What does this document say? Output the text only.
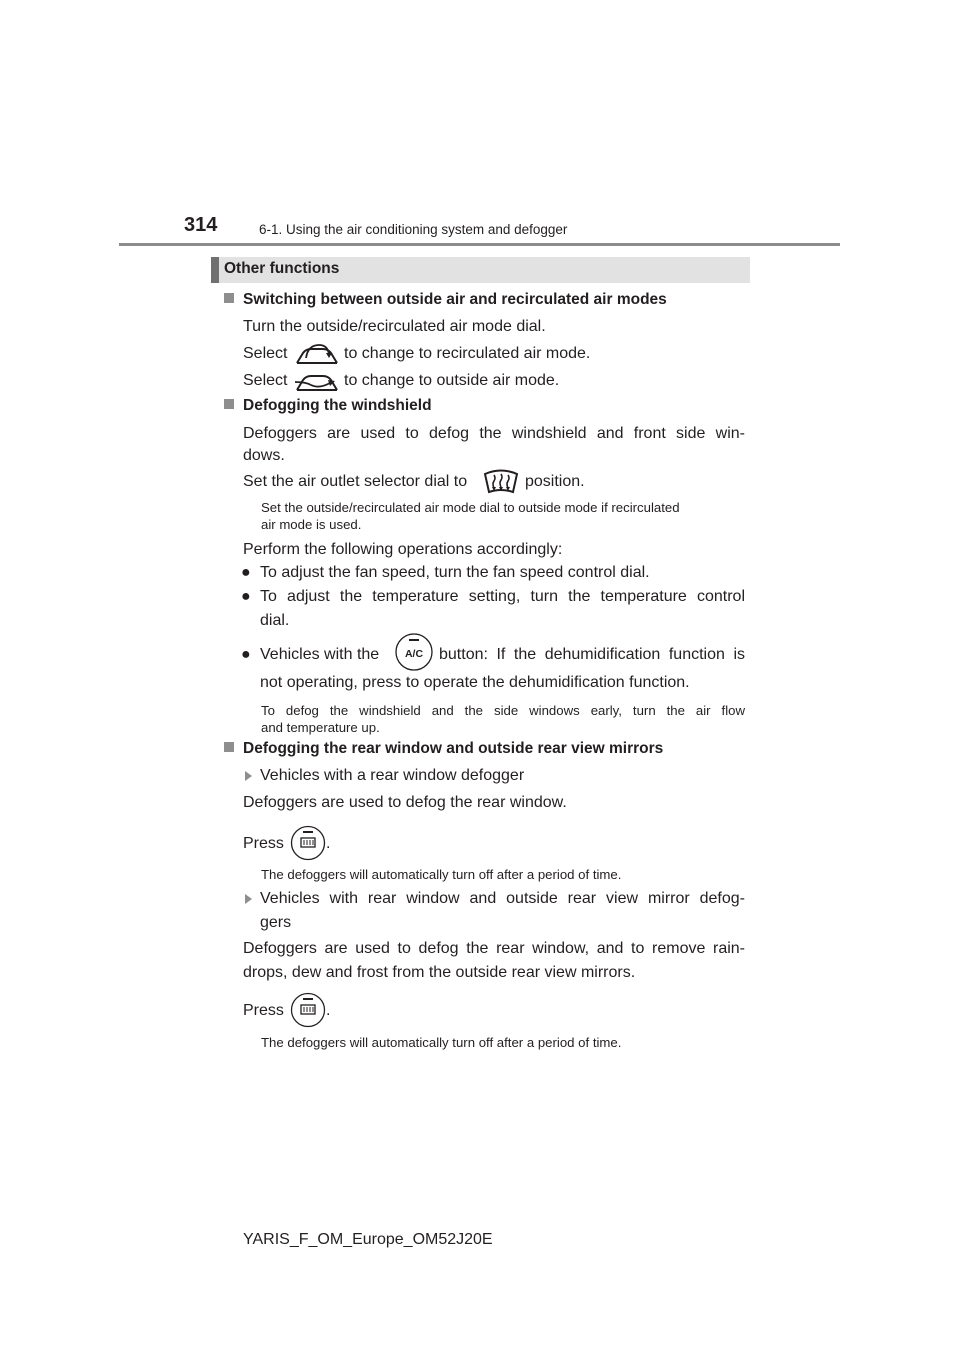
314	6-1. Using the air conditioning system and defogger
Other functions
Switching between outside air and recirculated air modes
Turn the outside/recirculated air mode dial.
Select	to change to recirculated air mode.
Select	to change to outside air mode.
Defogging the windshield
Defoggers are used to defog the windshield and front side win-
dows.
Set the air outlet selector dial to	position.
Set the outside/recirculated air mode dial to outside mode if recirculated
air mode is used.
Perform the following operations accordingly:
● To adjust the fan speed, turn the fan speed control dial.
● To adjust the temperature setting, turn the temperature control
dial.
● Vehicles with the A/C button: If the dehumidification function is
not operating, press to operate the dehumidification function.
To defog the windshield and the side windows early, turn the air flow
and temperature up.
Defogging the rear window and outside rear view mirrors
Vehicles with a rear window defogger
Defoggers are used to defog the rear window.
Press	.
The defoggers will automatically turn off after a period of time.
Vehicles with rear window and outside rear view mirror defog-
gers
Defoggers are used to defog the rear window, and to remove rain-
drops, dew and frost from the outside rear view mirrors.
Press	.
The defoggers will automatically turn off after a period of time.
YARIS_F_OM_Europe_OM52J20E
